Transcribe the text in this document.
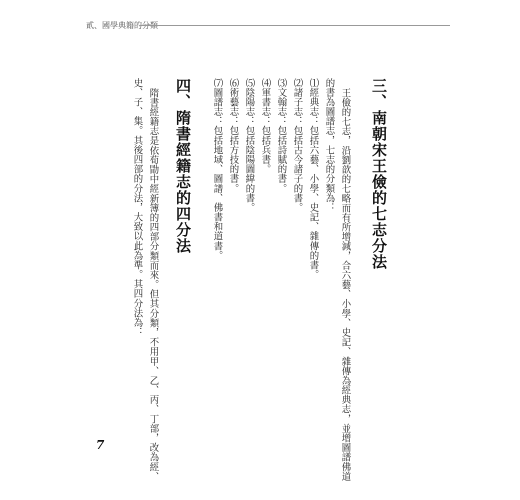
貳、國學典籍的分類
三、南朝宋王儉的七志分法
王儉的七志，沿劉歆的七略而有所增減，合六藝、小學、史記、雜傳為經典志，並增圖譜佛道
的書為圖譜志，七志的分類為：
⑴經典志：包括六藝、小學、史記、雜傳的書。
⑵諸子志：包括古今諸子的書。
⑶文翰志：包括詩賦的書。
⑷軍書志：包括兵書。
⑸陰陽志：包括陰陽圖緯的書。
⑹術藝志：包括方技的書。
⑺圖譜志：包括地域、圖譜、佛書和道書。
四、隋書經籍志的四分法
隋書經籍志是依荀勖中經新簿的四部分類而來。但其分類，不用甲、乙、丙、丁部，改為經、
史、子、集。其後四部的分法，大致以此為準。其四分法為：
7
